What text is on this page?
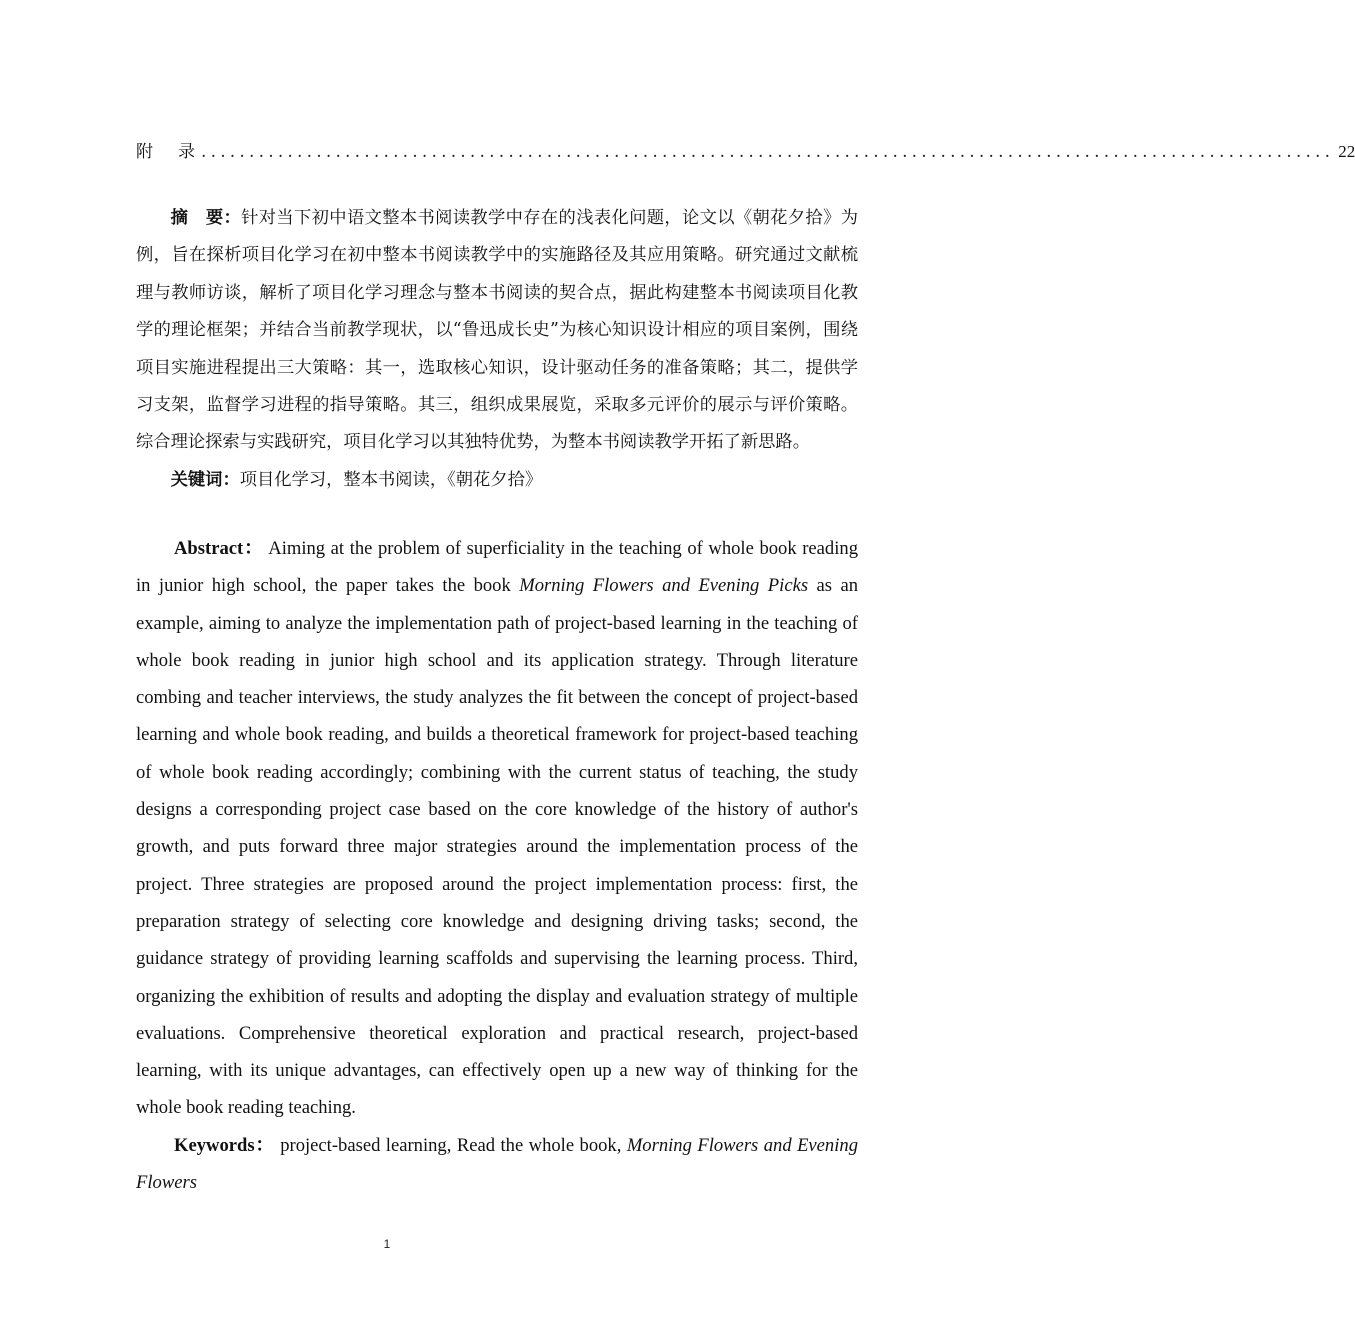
附　录 ...................................................................................................................... 22

摘　要：针对当下初中语文整本书阅读教学中存在的浅表化问题，论文以《朝花夕拾》为例，旨在探析项目化学习在初中整本书阅读教学中的实施路径及其应用策略。研究通过文献梳理与教师访谈，解析了项目化学习理念与整本书阅读的契合点，据此构建整本书阅读项目化教学的理论框架；并结合当前教学现状，以“鲁迅成长史”为核心知识设计相应的项目案例，围绕项目实施进程提出三大策略：其一，选取核心知识，设计驱动任务的准备策略；其二，提供学习支架，监督学习进程的指导策略。其三，组织成果展览，采取多元评价的展示与评价策略。综合理论探索与实践研究，项目化学习以其独特优势，为整本书阅读教学开拓了新思路。

关键词：项目化学习，整本书阅读，《朝花夕拾》

Abstract： Aiming at the problem of superficiality in the teaching of whole book reading in junior high school, the paper takes the book Morning Flowers and Evening Picks as an example, aiming to analyze the implementation path of project-based learning in the teaching of whole book reading in junior high school and its application strategy. Through literature combing and teacher interviews, the study analyzes the fit between the concept of project-based learning and whole book reading, and builds a theoretical framework for project-based teaching of whole book reading accordingly; combining with the current status of teaching, the study designs a corresponding project case based on the core knowledge of the history of author's growth, and puts forward three major strategies around the implementation process of the project. Three strategies are proposed around the project implementation process: first, the preparation strategy of selecting core knowledge and designing driving tasks; second, the guidance strategy of providing learning scaffolds and supervising the learning process. Third, organizing the exhibition of results and adopting the display and evaluation strategy of multiple evaluations. Comprehensive theoretical exploration and practical research, project-based learning, with its unique advantages, can effectively open up a new way of thinking for the whole book reading teaching.

Keywords： project-based learning, Read the whole book, Morning Flowers and Evening Flowers

1
